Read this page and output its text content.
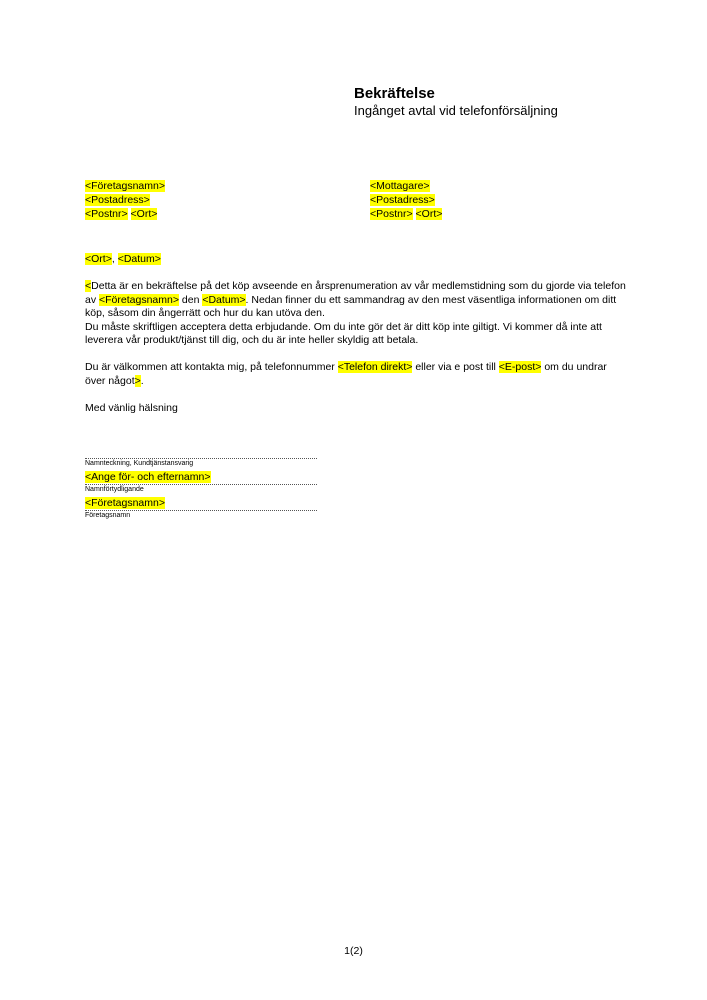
Bekräftelse
Ingånget avtal vid telefonförsäljning
<Företagsnamn>
<Postadress>
<Postnr> <Ort>
<Mottagare>
<Postadress>
<Postnr> <Ort>
<Ort>, <Datum>

<Detta är en bekräftelse på det köp avseende en årsprenumeration av vår medlemstidning som du gjorde via telefon av <Företagsnamn> den <Datum>. Nedan finner du ett sammandrag av den mest väsentliga informationen om ditt köp, såsom din ångerrätt och hur du kan utöva den.

Du måste skriftligen acceptera detta erbjudande. Om du inte gör det är ditt köp inte giltigt. Vi kommer då inte att leverera vår produkt/tjänst till dig, och du är inte heller skyldig att betala.

Du är välkommen att kontakta mig, på telefonnummer <Telefon direkt> eller via e post till <E-post> om du undrar över något>.

Med vänlig hälsning

Namnteckning, Kundtjänstansvarig
<Ange för- och efternamn>
Namnförtydligande
<Företagsnamn>
Företagsnamn
1(2)
